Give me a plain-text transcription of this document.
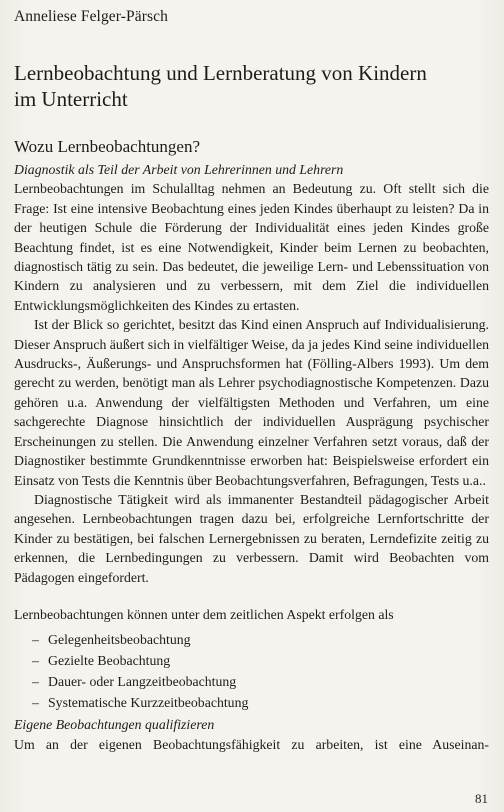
Anneliese Felger-Pärsch
Lernbeobachtung und Lernberatung von Kindern
im Unterricht
Wozu Lernbeobachtungen?
Diagnostik als Teil der Arbeit von Lehrerinnen und Lehrern

Lernbeobachtungen im Schulalltag nehmen an Bedeutung zu. Oft stellt sich die Frage: Ist eine intensive Beobachtung eines jeden Kindes überhaupt zu leisten? Da in der heutigen Schule die Förderung der Individualität eines jeden Kindes große Beachtung findet, ist es eine Notwendigkeit, Kinder beim Lernen zu beobachten, diagnostisch tätig zu sein. Das bedeutet, die jeweilige Lern- und Lebenssituation von Kindern zu analysieren und zu verbessern, mit dem Ziel die individuellen Entwicklungsmöglichkeiten des Kindes zu ertasten.

Ist der Blick so gerichtet, besitzt das Kind einen Anspruch auf Individualisierung. Dieser Anspruch äußert sich in vielfältiger Weise, da ja jedes Kind seine individuellen Ausdrucks-, Äußerungs- und Anspruchsformen hat (Fölling-Albers 1993). Um dem gerecht zu werden, benötigt man als Lehrer psychodiagnostische Kompetenzen. Dazu gehören u.a. Anwendung der vielfältigsten Methoden und Verfahren, um eine sachgerechte Diagnose hinsichtlich der individuellen Ausprägung psychischer Erscheinungen zu stellen. Die Anwendung einzelner Verfahren setzt voraus, daß der Diagnostiker bestimmte Grundkenntnisse erworben hat: Beispielsweise erfordert ein Einsatz von Tests die Kenntnis über Beobachtungsverfahren, Befragungen, Tests u.a..

Diagnostische Tätigkeit wird als immanenter Bestandteil pädagogischer Arbeit angesehen. Lernbeobachtungen tragen dazu bei, erfolgreiche Lernfortschritte der Kinder zu bestätigen, bei falschen Lernergebnissen zu beraten, Lerndefizite zeitig zu erkennen, die Lernbedingungen zu verbessern. Damit wird Beobachten vom Pädagogen eingefordert.

Lernbeobachtungen können unter dem zeitlichen Aspekt erfolgen als

– Gelegenheitsbeobachtung
– Gezielte Beobachtung
– Dauer- oder Langzeitbeobachtung
– Systematische Kurzzeitbeobachtung
Eigene Beobachtungen qualifizieren

Um an der eigenen Beobachtungsfähigkeit zu arbeiten, ist eine Auseinan-

81
